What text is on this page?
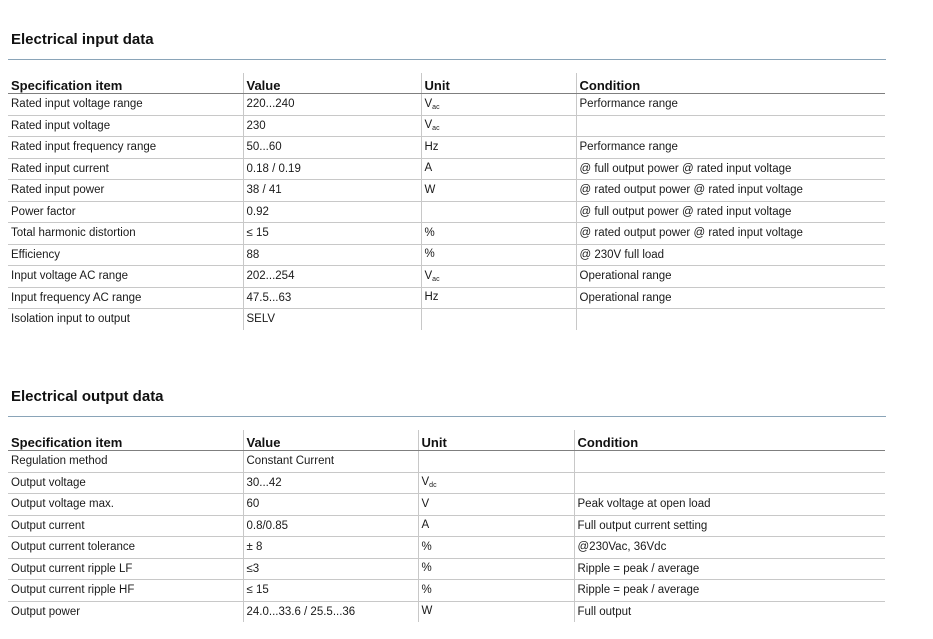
Electrical input data
Specification item	Value	Unit	Condition
Rated input voltage range	220...240	$V_{ac}$	Performance range
Rated input voltage	230	$V_{ac}$	
Rated input frequency range	50...60	Hz	Performance range
Rated input current	0.18 / 0.19	A	@ full output power @ rated input voltage
Rated input power	38 / 41	W	@ rated output power @ rated input voltage
Power factor	0.92		@ full output power @ rated input voltage
Total harmonic distortion	≤ 15	%	@ rated output power @ rated input voltage
Efficiency	88	%	@ 230V full load
Input voltage AC range	202...254	$V_{ac}$	Operational range
Input frequency AC range	47.5...63	Hz	Operational range
Isolation input to output	SELV		
Electrical output data
Specification item	Value	Unit	Condition
Regulation method	Constant Current		
Output voltage	30...42	$V_{dc}$	
Output voltage max.	60	V	Peak voltage at open load
Output current	0.8/0.85	A	Full output current setting
Output current tolerance	± 8	%	@230Vac, 36Vdc
Output current ripple LF	≤3	%	Ripple = peak / average
Output current ripple HF	≤ 15	%	Ripple = peak / average
Output power	24.0...33.6 / 25.5...36	W	Full output
